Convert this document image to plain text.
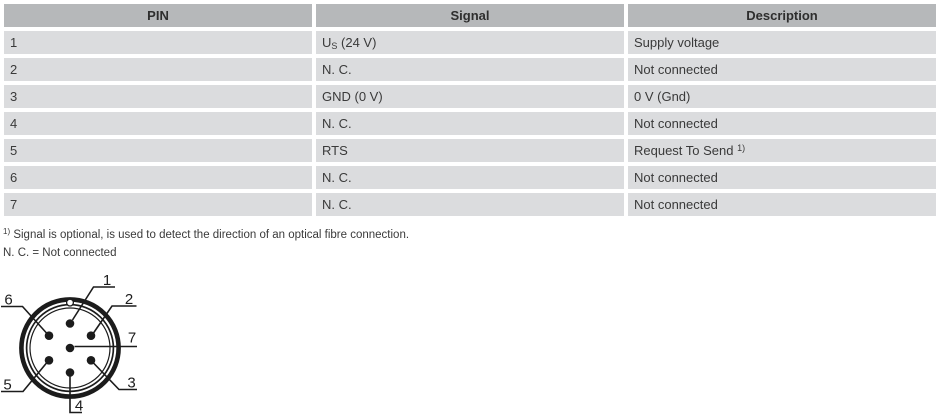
PIN	Signal	Description
1	$U_S$ (24 V)	Supply voltage
2	N. C.	Not connected
3	GND (0 V)	0 V (Gnd)
4	N. C.	Not connected
5	RTS	Request To Send $^{1)}$
6	N. C.	Not connected
7	N. C.	Not connected

$^{1)}$ Signal is optional, is used to detect the direction of an optical fibre connection.

N. C. = Not connected

1
2
7
3
4
5
6
